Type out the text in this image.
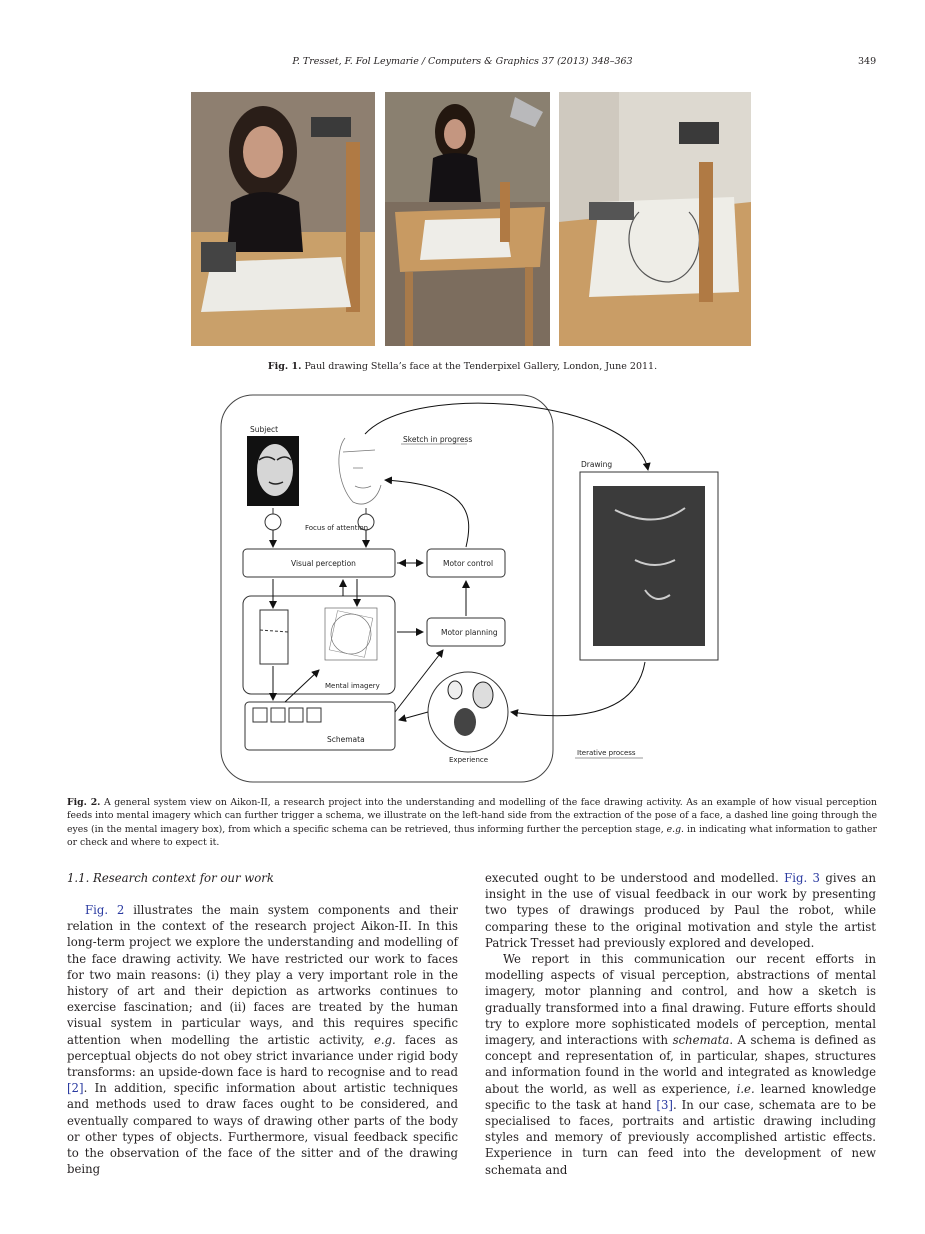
P. Tresset, F. Fol Leymarie / Computers & Graphics 37 (2013) 348–363	349
Fig. 1. Paul drawing Stella’s face at the Tenderpixel Gallery, London, June 2011.
Subject
Sketch in progress
Focus of attention
Visual perception	Motor control
Mental imagery
Motor planning
Schemata
Experience
Drawing
Iterative process
Fig. 2. A general system view on Aikon-II, a research project into the understanding and modelling of the face drawing activity. As an example of how visual perception feeds into mental imagery which can further trigger a schema, we illustrate on the left-hand side from the extraction of the pose of a face, a dashed line going through the eyes (in the mental imagery box), from which a specific schema can be retrieved, thus informing further the perception stage, e.g. in indicating what information to gather or check and where to expect it.
1.1. Research context for our work

Fig. 2 illustrates the main system components and their relation in the context of the research project Aikon-II. In this long-term project we explore the understanding and modelling of the face drawing activity. We have restricted our work to faces for two main reasons: (i) they play a very important role in the history of art and their depiction as artworks continues to exercise fascination; and (ii) faces are treated by the human visual system in particular ways, and this requires specific attention when modelling the artistic activity, e.g. faces as perceptual objects do not obey strict invariance under rigid body transforms: an upside-down face is hard to recognise and to read [2]. In addition, specific information about artistic techniques and methods used to draw faces ought to be considered, and eventually compared to ways of drawing other parts of the body or other types of objects. Furthermore, visual feedback specific to the observation of the face of the sitter and of the drawing being

executed ought to be understood and modelled. Fig. 3 gives an insight in the use of visual feedback in our work by presenting two types of drawings produced by Paul the robot, while comparing these to the original motivation and style the artist Patrick Tresset had previously explored and developed.

We report in this communication our recent efforts in modelling aspects of visual perception, abstractions of mental imagery, motor planning and control, and how a sketch is gradually transformed into a final drawing. Future efforts should try to explore more sophisticated models of perception, mental imagery, and interactions with schemata. A schema is defined as concept and representation of, in particular, shapes, structures and information found in the world and integrated as knowledge about the world, as well as experience, i.e. learned knowledge specific to the task at hand [3]. In our case, schemata are to be specialised to faces, portraits and artistic drawing including styles and memory of previously accomplished artistic effects. Experience in turn can feed into the development of new schemata and
